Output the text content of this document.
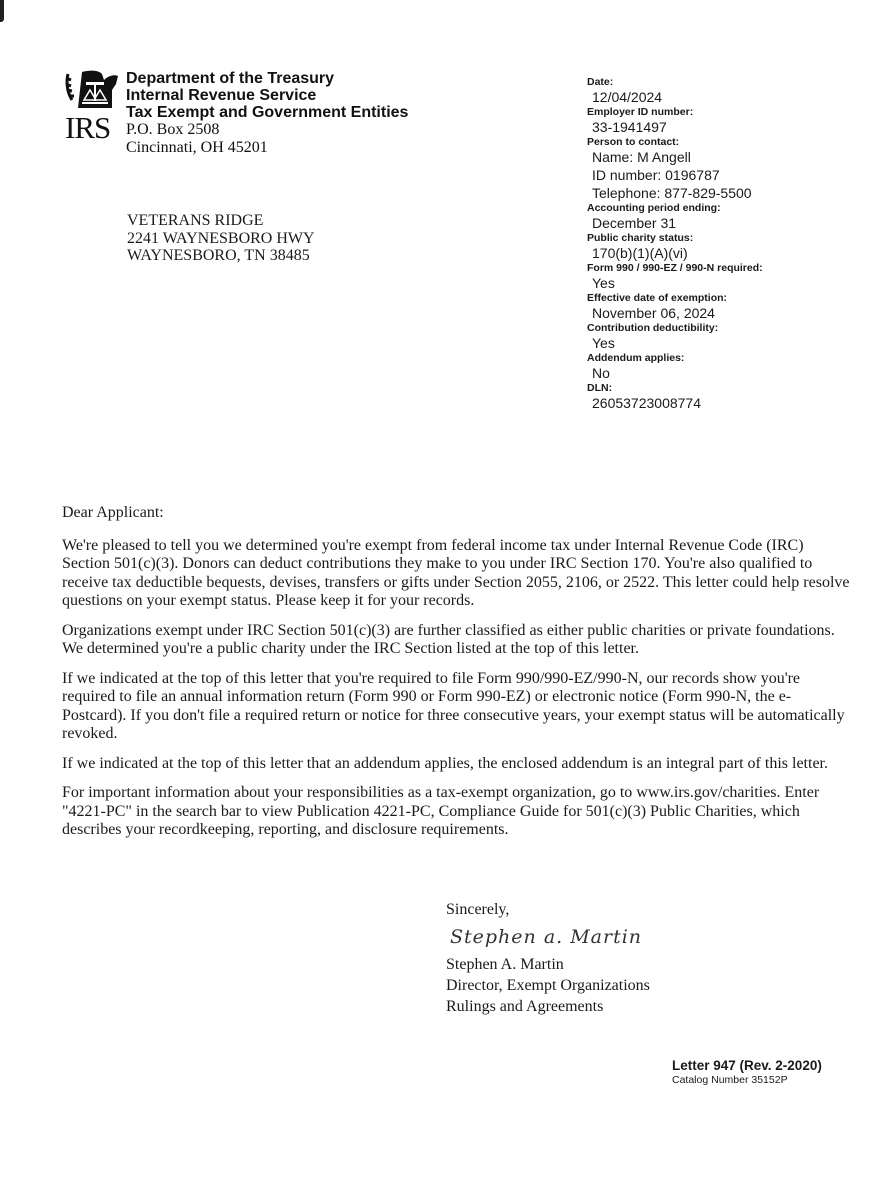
IRS
Department of the Treasury
Internal Revenue Service
Tax Exempt and Government Entities
P.O. Box 2508
Cincinnati, OH 45201
VETERANS RIDGE
2241 WAYNESBORO HWY
WAYNESBORO, TN 38485
Date:
12/04/2024
Employer ID number:
33-1941497
Person to contact:
Name: M Angell
ID number: 0196787
Telephone: 877-829-5500
Accounting period ending:
December 31
Public charity status:
170(b)(1)(A)(vi)
Form 990 / 990-EZ / 990-N required:
Yes
Effective date of exemption:
November 06, 2024
Contribution deductibility:
Yes
Addendum applies:
No
DLN:
26053723008774

Dear Applicant:

We're pleased to tell you we determined you're exempt from federal income tax under Internal Revenue Code (IRC) Section 501(c)(3). Donors can deduct contributions they make to you under IRC Section 170. You're also qualified to receive tax deductible bequests, devises, transfers or gifts under Section 2055, 2106, or 2522. This letter could help resolve questions on your exempt status. Please keep it for your records.

Organizations exempt under IRC Section 501(c)(3) are further classified as either public charities or private foundations. We determined you're a public charity under the IRC Section listed at the top of this letter.

If we indicated at the top of this letter that you're required to file Form 990/990-EZ/990-N, our records show you're required to file an annual information return (Form 990 or Form 990-EZ) or electronic notice (Form 990-N, the e-Postcard). If you don't file a required return or notice for three consecutive years, your exempt status will be automatically revoked.

If we indicated at the top of this letter that an addendum applies, the enclosed addendum is an integral part of this letter.

For important information about your responsibilities as a tax-exempt organization, go to www.irs.gov/charities. Enter "4221-PC" in the search bar to view Publication 4221-PC, Compliance Guide for 501(c)(3) Public Charities, which describes your recordkeeping, reporting, and disclosure requirements.

Sincerely,
Stephen a. Martin
Stephen A. Martin
Director, Exempt Organizations
Rulings and Agreements
Letter 947 (Rev. 2-2020)
Catalog Number 35152P
